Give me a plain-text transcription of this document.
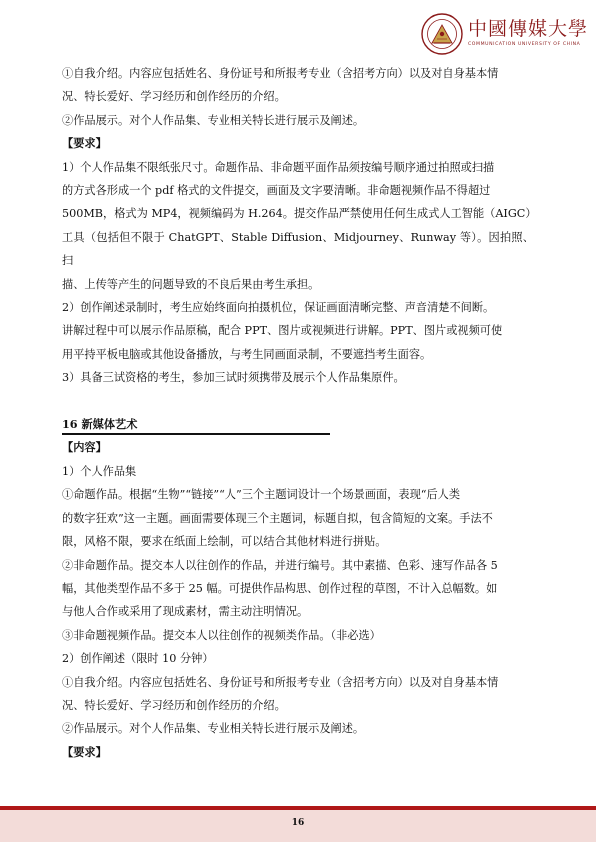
中國傳媒大學
COMMUNICATION UNIVERSITY OF CHINA

①自我介绍。内容应包括姓名、身份证号和所报考专业（含招考方向）以及对自身基本情

况、特长爱好、学习经历和创作经历的介绍。

②作品展示。对个人作品集、专业相关特长进行展示及阐述。

【要求】

1）个人作品集不限纸张尺寸。命题作品、非命题平面作品须按编号顺序通过拍照或扫描

的方式各形成一个 pdf 格式的文件提交，画面及文字要清晰。非命题视频作品不得超过

500MB，格式为 MP4，视频编码为 H.264。提交作品严禁使用任何生成式人工智能（AIGC）

工具（包括但不限于 ChatGPT、Stable Diffusion、Midjourney、Runway 等）。因拍照、扫

描、上传等产生的问题导致的不良后果由考生承担。

2）创作阐述录制时，考生应始终面向拍摄机位，保证画面清晰完整、声音清楚不间断。

讲解过程中可以展示作品原稿，配合 PPT、图片或视频进行讲解。PPT、图片或视频可使

用平持平板电脑或其他设备播放，与考生同画面录制，不要遮挡考生面容。

3）具备三试资格的考生，参加三试时须携带及展示个人作品集原件。

16 新媒体艺术

【内容】

1）个人作品集

①命题作品。根据“生物”“链接”“人”三个主题词设计一个场景画面，表现“后人类

的数字狂欢”这一主题。画面需要体现三个主题词，标题自拟，包含简短的文案。手法不

限，风格不限，要求在纸面上绘制，可以结合其他材料进行拼贴。

②非命题作品。提交本人以往创作的作品，并进行编号。其中素描、色彩、速写作品各 5

幅，其他类型作品不多于 25 幅。可提供作品构思、创作过程的草图，不计入总幅数。如

与他人合作或采用了现成素材，需主动注明情况。

③非命题视频作品。提交本人以往创作的视频类作品。（非必选）

2）创作阐述（限时 10 分钟）

①自我介绍。内容应包括姓名、身份证号和所报考专业（含招考方向）以及对自身基本情

况、特长爱好、学习经历和创作经历的介绍。

②作品展示。对个人作品集、专业相关特长进行展示及阐述。

【要求】

16
